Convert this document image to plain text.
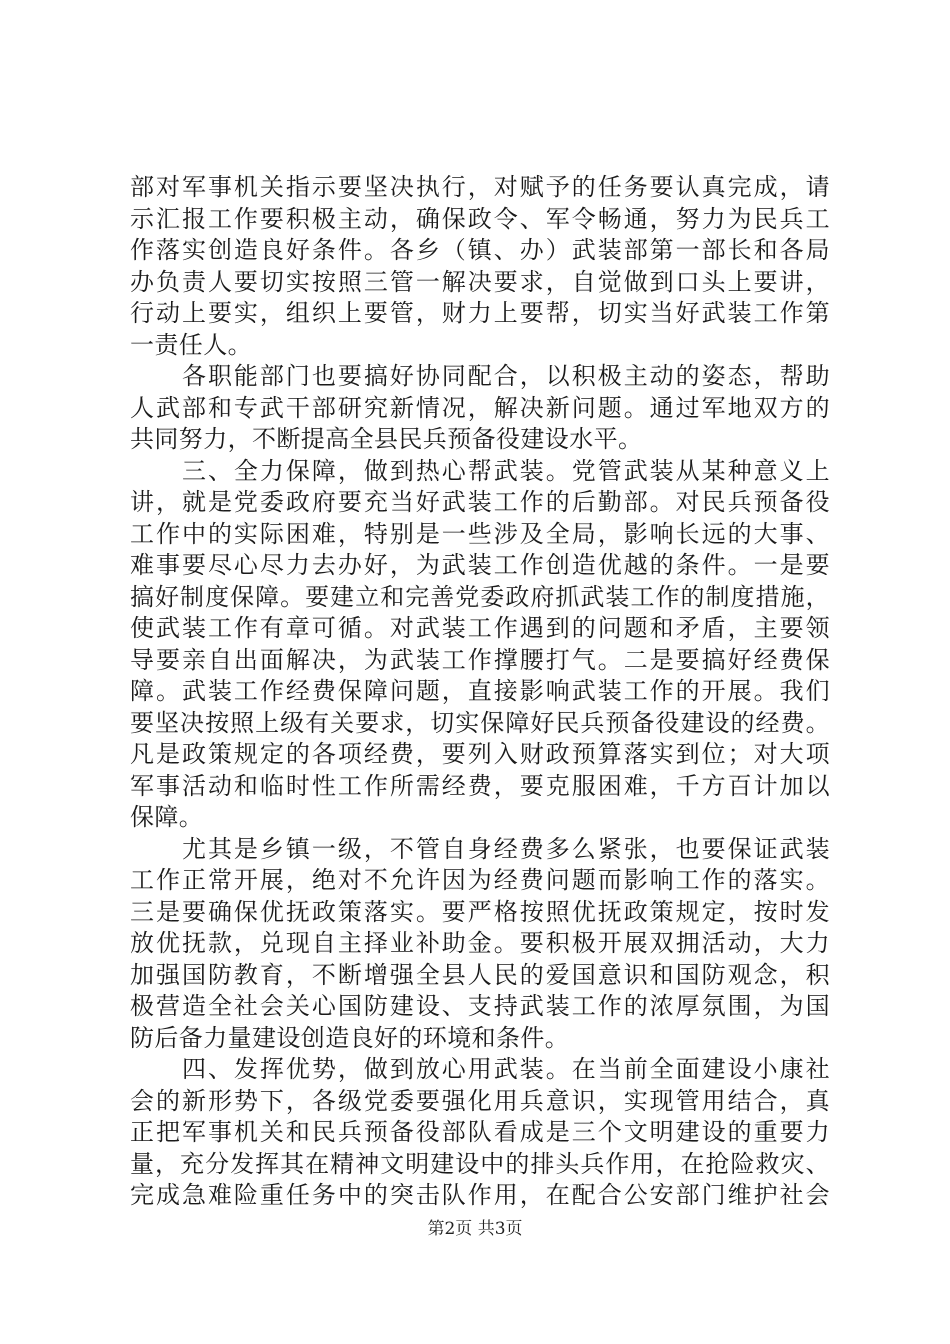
部对军事机关指示要坚决执行，对赋予的任务要认真完成，请
示汇报工作要积极主动，确保政令、军令畅通，努力为民兵工
作落实创造良好条件。各乡（镇、办）武装部第一部长和各局
办负责人要切实按照三管一解决要求，自觉做到口头上要讲，
行动上要实，组织上要管，财力上要帮，切实当好武装工作第
一责任人。
　　各职能部门也要搞好协同配合，以积极主动的姿态，帮助
人武部和专武干部研究新情况，解决新问题。通过军地双方的
共同努力，不断提高全县民兵预备役建设水平。
　　三、全力保障，做到热心帮武装。党管武装从某种意义上
讲，就是党委政府要充当好武装工作的后勤部。对民兵预备役
工作中的实际困难，特别是一些涉及全局，影响长远的大事、
难事要尽心尽力去办好，为武装工作创造优越的条件。一是要
搞好制度保障。要建立和完善党委政府抓武装工作的制度措施，
使武装工作有章可循。对武装工作遇到的问题和矛盾，主要领
导要亲自出面解决，为武装工作撑腰打气。二是要搞好经费保
障。武装工作经费保障问题，直接影响武装工作的开展。我们
要坚决按照上级有关要求，切实保障好民兵预备役建设的经费。
凡是政策规定的各项经费，要列入财政预算落实到位；对大项
军事活动和临时性工作所需经费，要克服困难，千方百计加以
保障。
　　尤其是乡镇一级，不管自身经费多么紧张，也要保证武装
工作正常开展，绝对不允许因为经费问题而影响工作的落实。
三是要确保优抚政策落实。要严格按照优抚政策规定，按时发
放优抚款，兑现自主择业补助金。要积极开展双拥活动，大力
加强国防教育，不断增强全县人民的爱国意识和国防观念，积
极营造全社会关心国防建设、支持武装工作的浓厚氛围，为国
防后备力量建设创造良好的环境和条件。
　　四、发挥优势，做到放心用武装。在当前全面建设小康社
会的新形势下，各级党委要强化用兵意识，实现管用结合，真
正把军事机关和民兵预备役部队看成是三个文明建设的重要力
量，充分发挥其在精神文明建设中的排头兵作用，在抢险救灾、
完成急难险重任务中的突击队作用，在配合公安部门维护社会
第2页 共3页
